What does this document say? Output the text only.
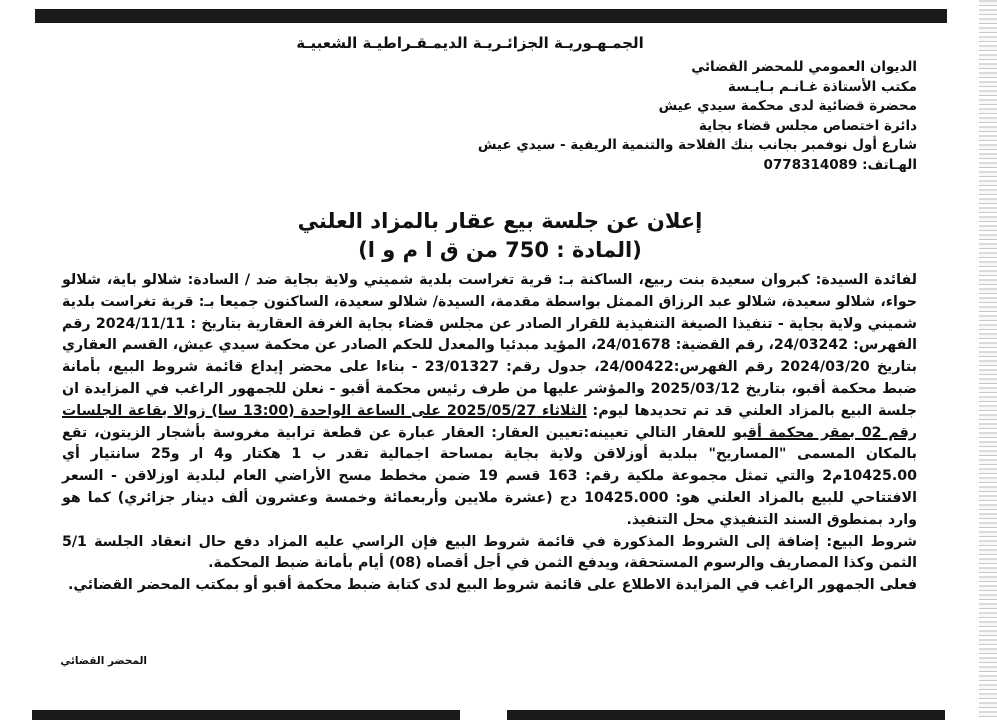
الجمـهـوريـة الجزائـريـة الديمـقـراطيـة الشعبيـة
الديوان العمومي للمحضر القضائي
مكتب الأستاذة غـانـم بـايـسة
محضرة قضائية لدى محكمة سيدي عيش
دائرة اختصاص مجلس قضاء بجاية
شارع أول نوفمبر بجانب بنك الفلاحة والتنمية الريفية - سيدي عيش
الهـاتف: 0778314089
إعلان عن جلسة بيع عقار بالمزاد العلني
(المادة : 750 من ق ا م و ا)

لفائدة السيدة: كبروان سعيدة بنت ربيع، الساكنة بـ: قرية تغراست بلدية شميني ولاية بجاية ضد / السادة: شلالو باية، شلالو حواء، شلالو سعيدة، شلالو عبد الرزاق الممثل بواسطة مقدمة، السيدة/ شلالو سعيدة، الساكنون جميعا بـ: قرية تغراست بلدية شميني ولاية بجاية - تنفيذا الصيغة التنفيذية للقرار الصادر عن مجلس قضاء بجاية الغرفة العقارية بتاريخ : 2024/11/11 رقم الفهرس: 24/03242، رقم القضية: 24/01678، المؤيد مبدئيا والمعدل للحكم الصادر عن محكمة سيدي عيش، القسم العقاري بتاريخ 2024/03/20 رقم الفهرس:24/00422، جدول رقم: 23/01327 - بناءا على محضر إيداع قائمة شروط البيع، بأمانة ضبط محكمة أقبو، بتاريخ 2025/03/12 والمؤشر عليها من طرف رئيس محكمة أقبو - نعلن للجمهور الراغب في المزايدة ان جلسة البيع بالمزاد العلني قد تم تحديدها ليوم: الثلاثاء 2025/05/27 على الساعة الواحدة (13:00 سا) زوالا بقاعة الجلسات رقم 02 بمقر محكمة أقبو للعقار التالي تعيينه:تعيين العقار: العقار عبارة عن قطعة ترابية مغروسة بأشجار الزيتون، تقع بالمكان المسمى "المساريح" ببلدية أوزلاقن ولاية بجاية بمساحة اجمالية تقدر ب 1 هكتار و4 ار و25 سانتيار أي 10425.00م2 والتي تمثل مجموعة ملكية رقم: 163 قسم 19 ضمن مخطط مسح الأراضي العام لبلدية اوزلاقن - السعر الافتتاحي للبيع بالمزاد العلني هو: 10425.000 دج (عشرة ملايين وأربعمائة وخمسة وعشرون ألف دينار جزائري) كما هو وارد بمنطوق السند التنفيذي محل التنفيذ.

شروط البيع: إضافة إلى الشروط المذكورة في قائمة شروط البيع فإن الراسي عليه المزاد دفع حال انعقاد الجلسة 5/1 الثمن وكذا المصاريف والرسوم المستحقة، ويدفع الثمن في أجل أقصاه (08) أيام بأمانة ضبط المحكمة.

فعلى الجمهور الراغب في المزايدة الاطلاع على قائمة شروط البيع لدى كتابة ضبط محكمة أقبو أو بمكتب المحضر القضائي.

المحضر القضائي
